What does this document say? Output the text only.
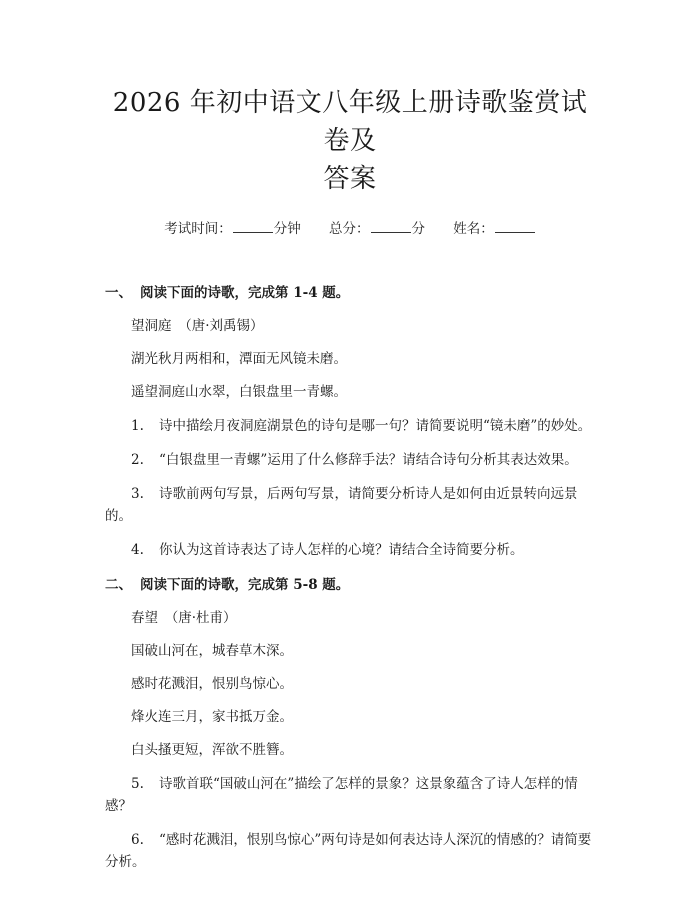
2026 年初中语文八年级上册诗歌鉴赏试卷及
答案
考试时间：	分钟 总分：	分 姓名：
一、 阅读下面的诗歌，完成第 1-4 题。
望洞庭　（唐·刘禹锡）
湖光秋月两相和，潭面无风镜未磨。
遥望洞庭山水翠，白银盘里一青螺。
1. 诗中描绘月夜洞庭湖景色的诗句是哪一句？请简要说明“镜未磨”的妙处。
2. “白银盘里一青螺”运用了什么修辞手法？请结合诗句分析其表达效果。
3. 诗歌前两句写景，后两句写景，请简要分析诗人是如何由近景转向远景的。
4. 你认为这首诗表达了诗人怎样的心境？请结合全诗简要分析。
二、 阅读下面的诗歌，完成第 5-8 题。
春望　（唐·杜甫）
国破山河在，城春草木深。
感时花溅泪，恨别鸟惊心。
烽火连三月，家书抵万金。
白头搔更短，浑欲不胜簪。
5. 诗歌首联“国破山河在”描绘了怎样的景象？这景象蕴含了诗人怎样的情感？
6. “感时花溅泪，恨别鸟惊心”两句诗是如何表达诗人深沉的情感的？请简要分析。
